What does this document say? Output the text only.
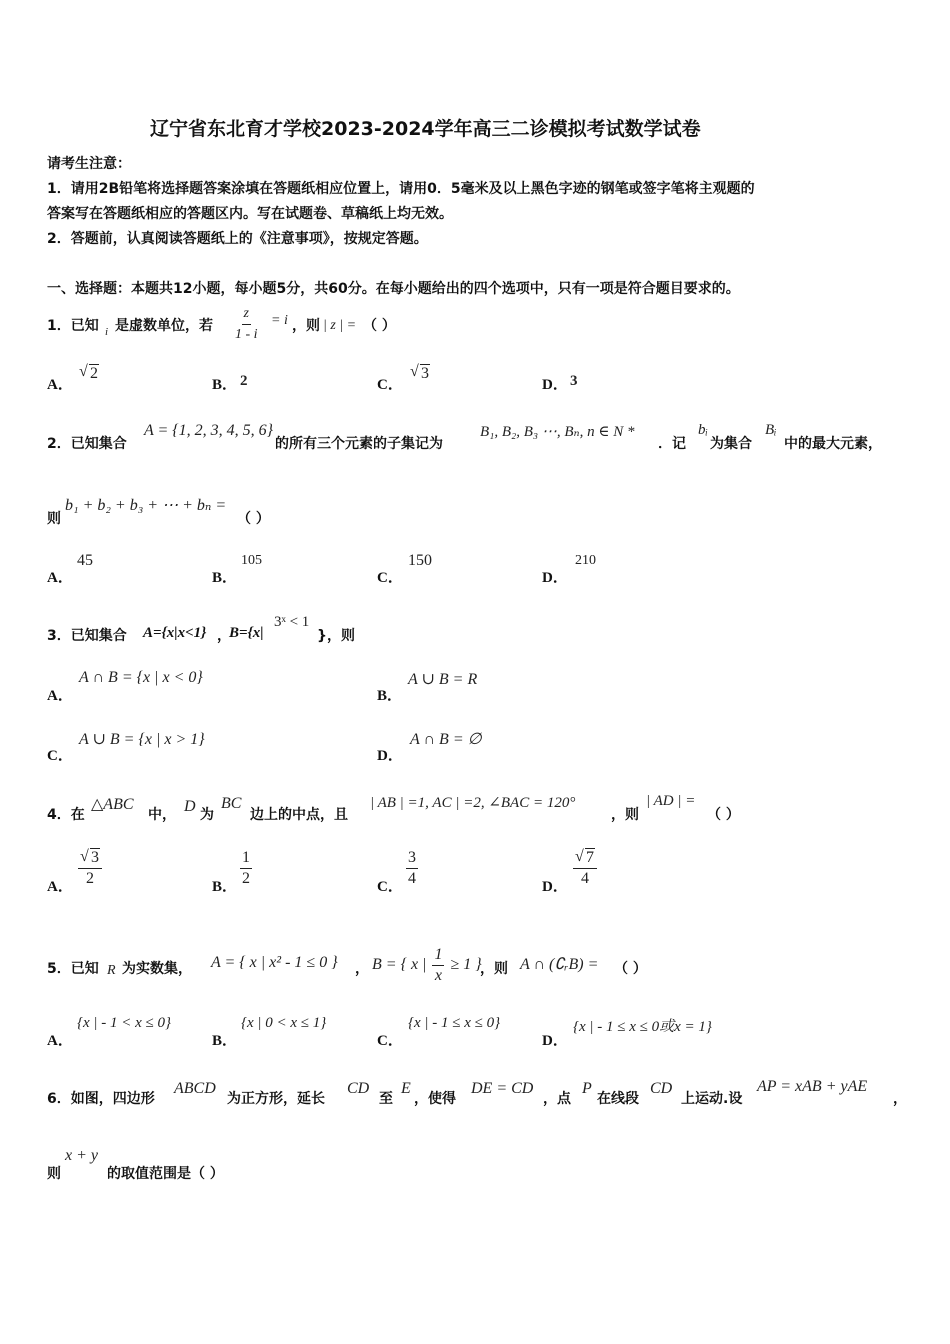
辽宁省东北育才学校2023-2024学年高三二诊模拟考试数学试卷
请考生注意：
1．请用2B铅笔将选择题答案涂填在答题纸相应位置上，请用0．5毫米及以上黑色字迹的钢笔或签字笔将主观题的
答案写在答题纸相应的答题区内。写在试题卷、草稿纸上均无效。
2．答题前，认真阅读答题纸上的《注意事项》，按规定答题。
一、选择题：本题共12小题，每小题5分，共60分。在每小题给出的四个选项中，只有一项是符合题目要求的。
1．已知 i 是虚数单位，若 $\frac{z}{1 - i} = i$ ，则 | z | = （ ）
A．
√ 2
B． 2	C．
√ 3
D． 3
2．已知集合
A = {1, 2, 3, 4, 5, 6}
的所有三个元素的子集记为
B₁, B₂, B₃ ⋯, Bₙ, n ∈ N *
．记
bᵢ
为集合
Bᵢ
中的最大元素，
则
b₁ + b₂ + b₃ + ⋯ + bₙ =
（ ）
A．
45
B．
105
C．
150
D．
210
3．已知集合 A={x|x<1} ，
B={x|
3ˣ < 1
}，则
A．
A ∩ B = {x | x < 0}
B．
A ∪ B = R
C．
A ∪ B = {x | x > 1}
D．
A ∩ B = ∅
4．在
△ABC
中， D 为
BC
边上的中点，且
| AB | =1, AC | =2, ∠BAC = 120°
，则
| AD | =
（ ）
A． √ $\frac{3}{2}$	B． $\frac{1}{2}$	C． $\frac{3}{4}$	D． √ $\frac{7}{4}$
5．已知 R 为实数集， A = { x | x² - 1 ≤ 0 } ， B = { x | $\frac{1}{x} \ge 1$ }
，则 A ∩ (∁ᵣB) = （ ）
A．
{x | - 1 < x ≤ 0}
B．
{x | 0 < x ≤ 1}
C．
{x | - 1 ≤ x ≤ 0}
D．
{x | - 1 ≤ x ≤ 0或x = 1}
6．如图，四边形
ABCD
为正方形，延长
CD
至
E
，使得
DE = CD
，点
P
在线段
CD
上运动.设
AP = xAB + yAE
，
则
x + y
的取值范围是（ ）
